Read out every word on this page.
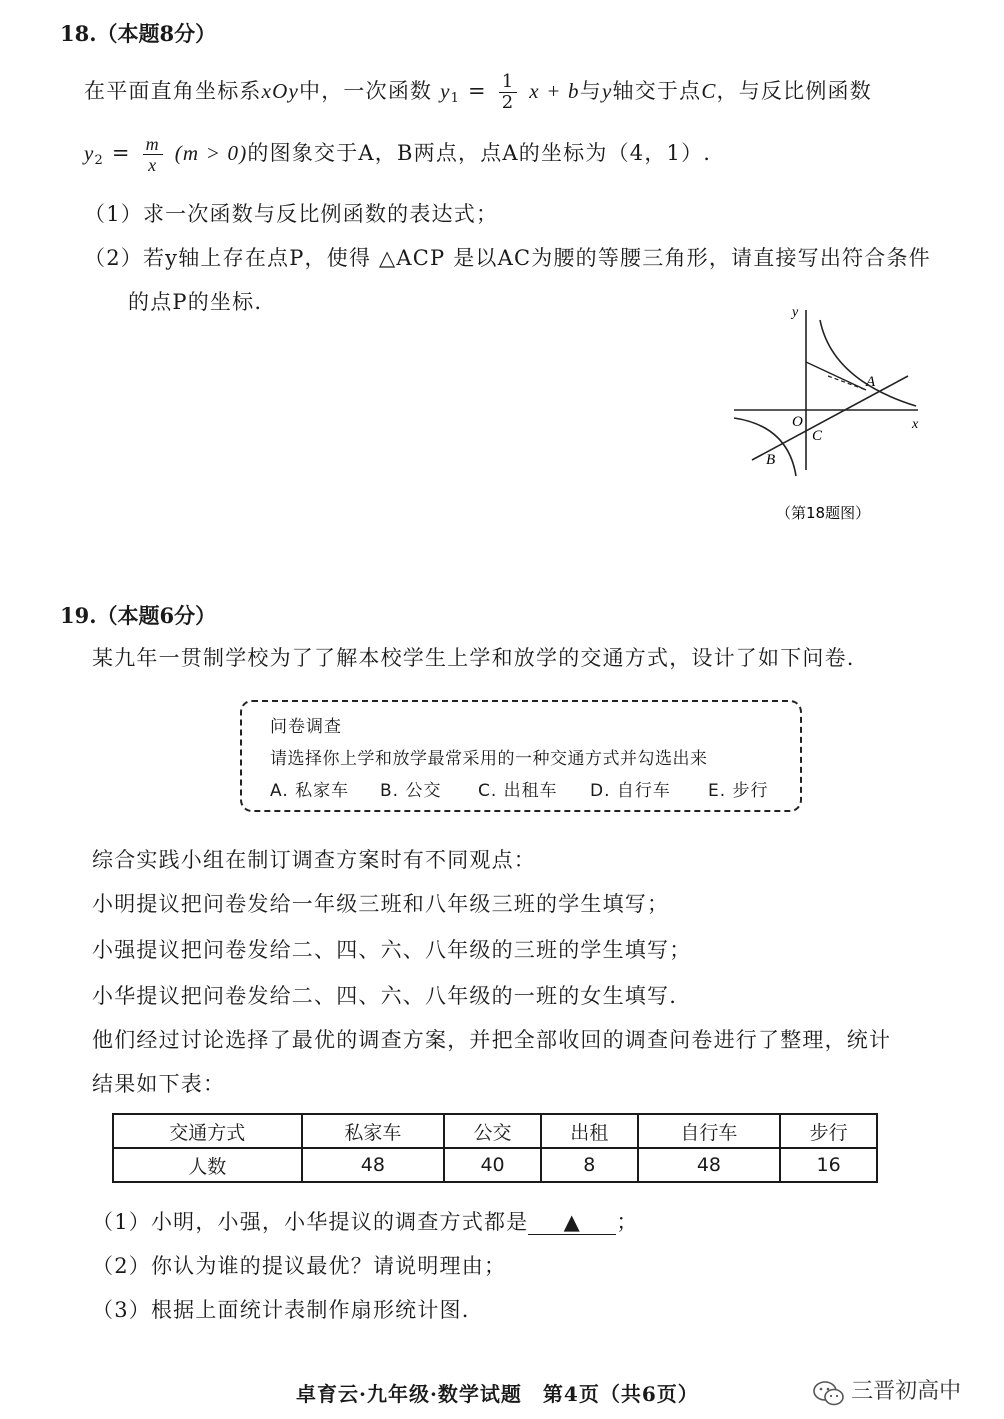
18.（本题8分）
在平面直角坐标系xOy中，一次函数 $y_1 = \frac{1}{2}$ x + b与y轴交于点C，与反比例函数
$y_2 = \frac{m}{x} (m > 0)$的图象交于A，B两点，点A的坐标为（4，1）.
（1）求一次函数与反比例函数的表达式；
（2）若y轴上存在点P，使得 △ACP 是以AC为腰的等腰三角形，请直接写出符合条件
的点P的坐标.	y
x
O
A
B
C
（第18题图）
19.（本题6分）
某九年一贯制学校为了了解本校学生上学和放学的交通方式，设计了如下问卷.
问卷调查
请选择你上学和放学最常采用的一种交通方式并勾选出来
A. 私家车 B. 公交 C. 出租车 D. 自行车 E. 步行
综合实践小组在制订调查方案时有不同观点：
小明提议把问卷发给一年级三班和八年级三班的学生填写；
小强提议把问卷发给二、四、六、八年级的三班的学生填写；
小华提议把问卷发给二、四、六、八年级的一班的女生填写.
他们经过讨论选择了最优的调查方案，并把全部收回的调查问卷进行了整理，统计
结果如下表：
交通方式	私家车	公交	出租	自行车	步行
人数	48	40	8	48	16
（1）小明，小强，小华提议的调查方式都是 ▲ ；
（2）你认为谁的提议最优？请说明理由；
（3）根据上面统计表制作扇形统计图.
卓育云·九年级·数学试题　第4页（共6页）	三晋初高中
